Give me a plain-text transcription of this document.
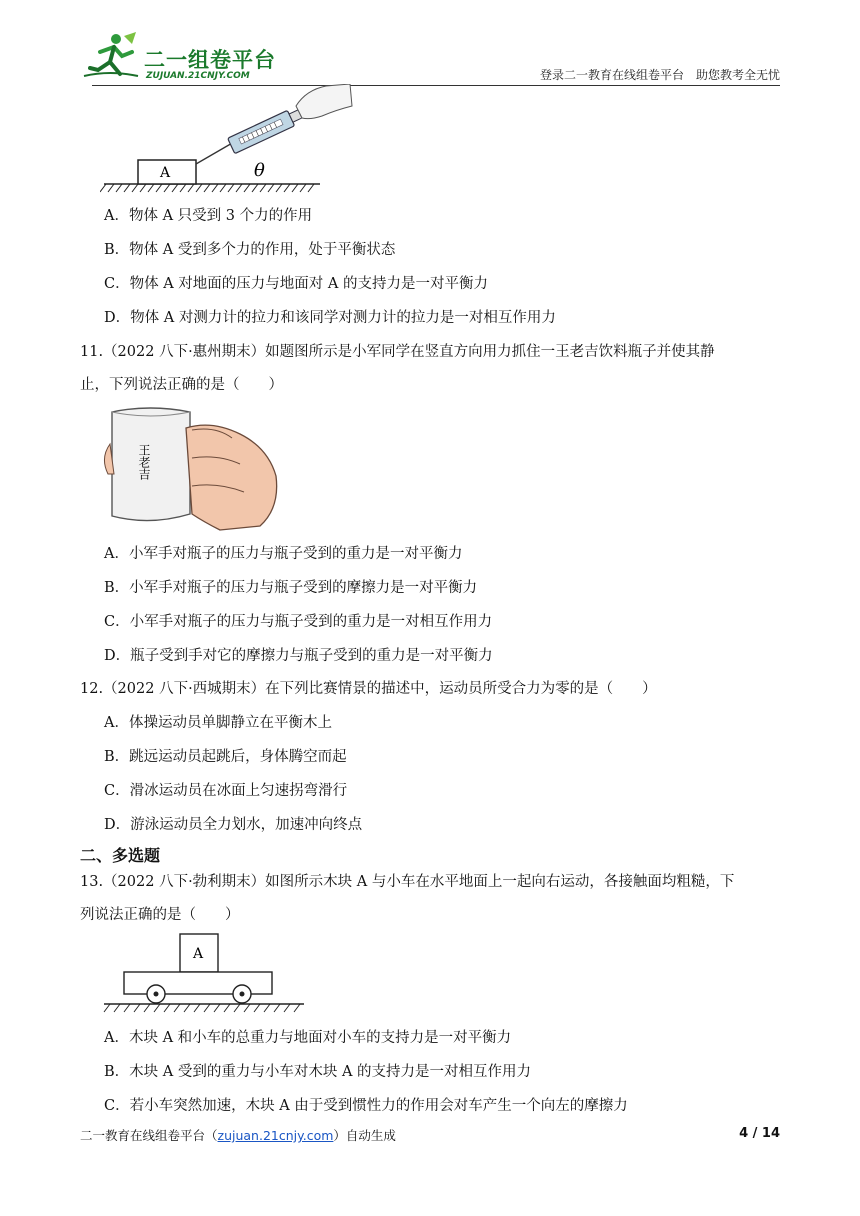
二一组卷平台
ZUJUAN.21CNJY.COM	登录二一教育在线组卷平台　助您教考全无忧
A	θ
A．物体 A 只受到 3 个力的作用
B．物体 A 受到多个力的作用，处于平衡状态
C．物体 A 对地面的压力与地面对 A 的支持力是一对平衡力
D．物体 A 对测力计的拉力和该同学对测力计的拉力是一对相互作用力
11.（2022 八下·惠州期末）如题图所示是小军同学在竖直方向用力抓住一王老吉饮料瓶子并使其静
止，下列说法正确的是（　　）
王老吉
A．小军手对瓶子的压力与瓶子受到的重力是一对平衡力
B．小军手对瓶子的压力与瓶子受到的摩擦力是一对平衡力
C．小军手对瓶子的压力与瓶子受到的重力是一对相互作用力
D．瓶子受到手对它的摩擦力与瓶子受到的重力是一对平衡力
12.（2022 八下·西城期末）在下列比赛情景的描述中，运动员所受合力为零的是（　　）
A．体操运动员单脚静立在平衡木上
B．跳远运动员起跳后，身体腾空而起
C．滑冰运动员在冰面上匀速拐弯滑行
D．游泳运动员全力划水，加速冲向终点
二、多选题
13.（2022 八下·勃利期末）如图所示木块 A 与小车在水平地面上一起向右运动，各接触面均粗糙，下
列说法正确的是（　　）
A
A．木块 A 和小车的总重力与地面对小车的支持力是一对平衡力
B．木块 A 受到的重力与小车对木块 A 的支持力是一对相互作用力
C．若小车突然加速，木块 A 由于受到惯性力的作用会对车产生一个向左的摩擦力
二一教育在线组卷平台（zujuan.21cnjy.com）自动生成	4 / 14
